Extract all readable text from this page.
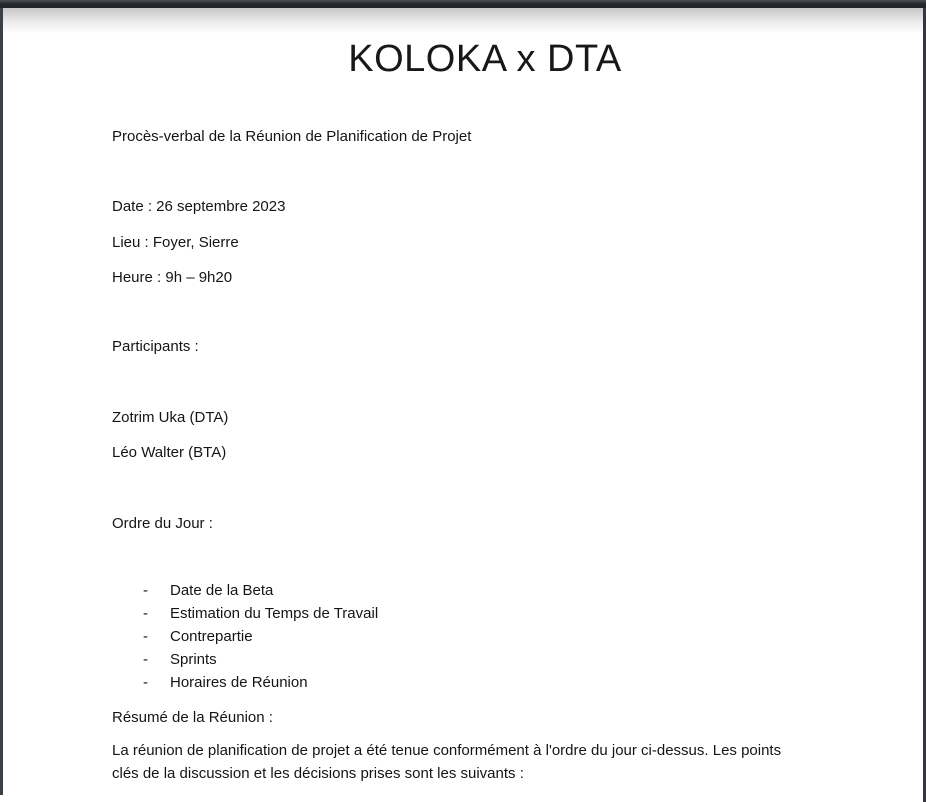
KOLOKA x DTA
Procès-verbal de la Réunion de Planification de Projet
Date : 26 septembre 2023
Lieu : Foyer, Sierre
Heure : 9h – 9h20
Participants :
Zotrim Uka (DTA)
Léo Walter (BTA)
Ordre du Jour :
- Date de la Beta
- Estimation du Temps de Travail
- Contrepartie
- Sprints
- Horaires de Réunion
Résumé de la Réunion :
La réunion de planification de projet a été tenue conformément à l'ordre du jour ci-dessus. Les points
clés de la discussion et les décisions prises sont les suivants :
